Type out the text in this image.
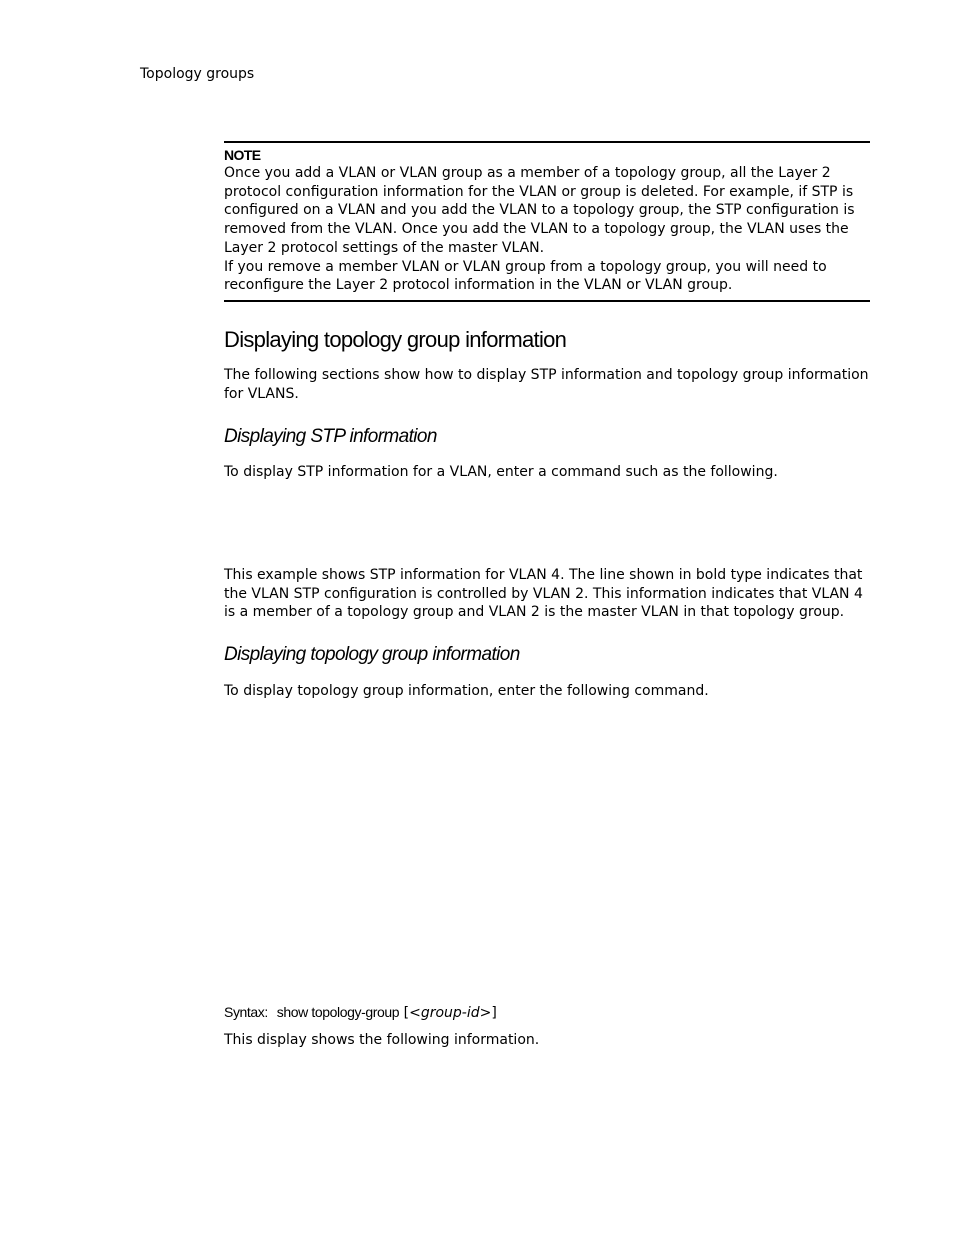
Topology groups
NOTE

Once you add a VLAN or VLAN group as a member of a topology group, all the Layer 2 protocol configuration information for the VLAN or group is deleted. For example, if STP is configured on a VLAN and you add the VLAN to a topology group, the STP configuration is removed from the VLAN. Once you add the VLAN to a topology group, the VLAN uses the Layer 2 protocol settings of the master VLAN.

If you remove a member VLAN or VLAN group from a topology group, you will need to reconfigure the Layer 2 protocol information in the VLAN or VLAN group.

Displaying topology group information

The following sections show how to display STP information and topology group information for VLANS.

Displaying STP information

To display STP information for a VLAN, enter a command such as the following.

This example shows STP information for VLAN 4. The line shown in bold type indicates that the VLAN STP configuration is controlled by VLAN 2. This information indicates that VLAN 4 is a member of a topology group and VLAN 2 is the master VLAN in that topology group.

Displaying topology group information

To display topology group information, enter the following command.

Syntax: show topology-group [<group-id>]

This display shows the following information.
